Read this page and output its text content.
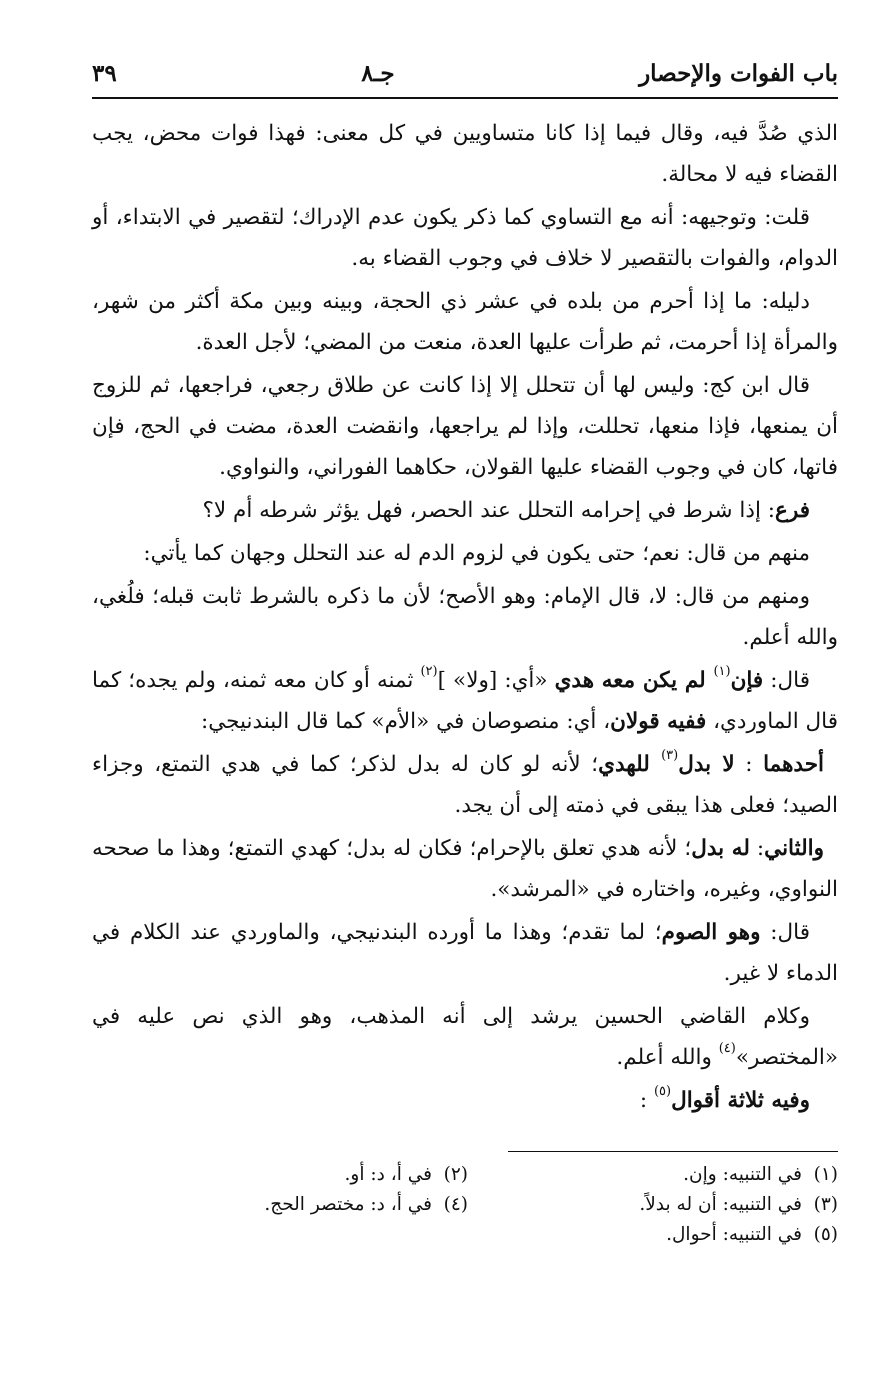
باب الفوات والإحصار
جـ٨
٣٩

الذي صُدَّ فيه، وقال فيما إذا كانا متساويين في كل معنى: فهذا فوات محض، يجب القضاء فيه لا محالة.

قلت: وتوجيهه: أنه مع التساوي كما ذكر يكون عدم الإدراك؛ لتقصير في الابتداء، أو الدوام، والفوات بالتقصير لا خلاف في وجوب القضاء به.

دليله: ما إذا أحرم من بلده في عشر ذي الحجة، وبينه وبين مكة أكثر من شهر، والمرأة إذا أحرمت، ثم طرأت عليها العدة، منعت من المضي؛ لأجل العدة.

قال ابن كج: وليس لها أن تتحلل إلا إذا كانت عن طلاق رجعي، فراجعها، ثم للزوج أن يمنعها، فإذا منعها، تحللت، وإذا لم يراجعها، وانقضت العدة، مضت في الحج، فإن فاتها، كان في وجوب القضاء عليها القولان، حكاهما الفوراني، والنواوي.

فرع: إذا شرط في إحرامه التحلل عند الحصر، فهل يؤثر شرطه أم لا؟

منهم من قال: نعم؛ حتى يكون في لزوم الدم له عند التحلل وجهان كما يأتي:

ومنهم من قال: لا، قال الإمام: وهو الأصح؛ لأن ما ذكره بالشرط ثابت قبله؛ فلُغي، والله أعلم.

قال: فإن$^{(١)}$ لم يكن معه هدي «أي: [ولا» ]$^{(٢)}$ ثمنه أو كان معه ثمنه، ولم يجده؛ كما قال الماوردي، ففيه قولان، أي: منصوصان في «الأم» كما قال البندنيجي:

أحدهما : لا بدل$^{(٣)}$ للهدي؛ لأنه لو كان له بدل لذكر؛ كما في هدي التمتع، وجزاء الصيد؛ فعلى هذا يبقى في ذمته إلى أن يجد.

والثاني: له بدل؛ لأنه هدي تعلق بالإحرام؛ فكان له بدل؛ كهدي التمتع؛ وهذا ما صححه النواوي، وغيره، واختاره في «المرشد».

قال: وهو الصوم؛ لما تقدم؛ وهذا ما أورده البندنيجي، والماوردي عند الكلام في الدماء لا غير.

وكلام القاضي الحسين يرشد إلى أنه المذهب، وهو الذي نص عليه في «المختصر»$^{(٤)}$ والله أعلم.

وفيه ثلاثة أقوال$^{(٥)}$ :

(١)في التنبيه: وإن.
(٢)في أ، د: أو.
(٣)في التنبيه: أن له بدلاً.
(٤)في أ، د: مختصر الحج.
(٥)في التنبيه: أحوال.
